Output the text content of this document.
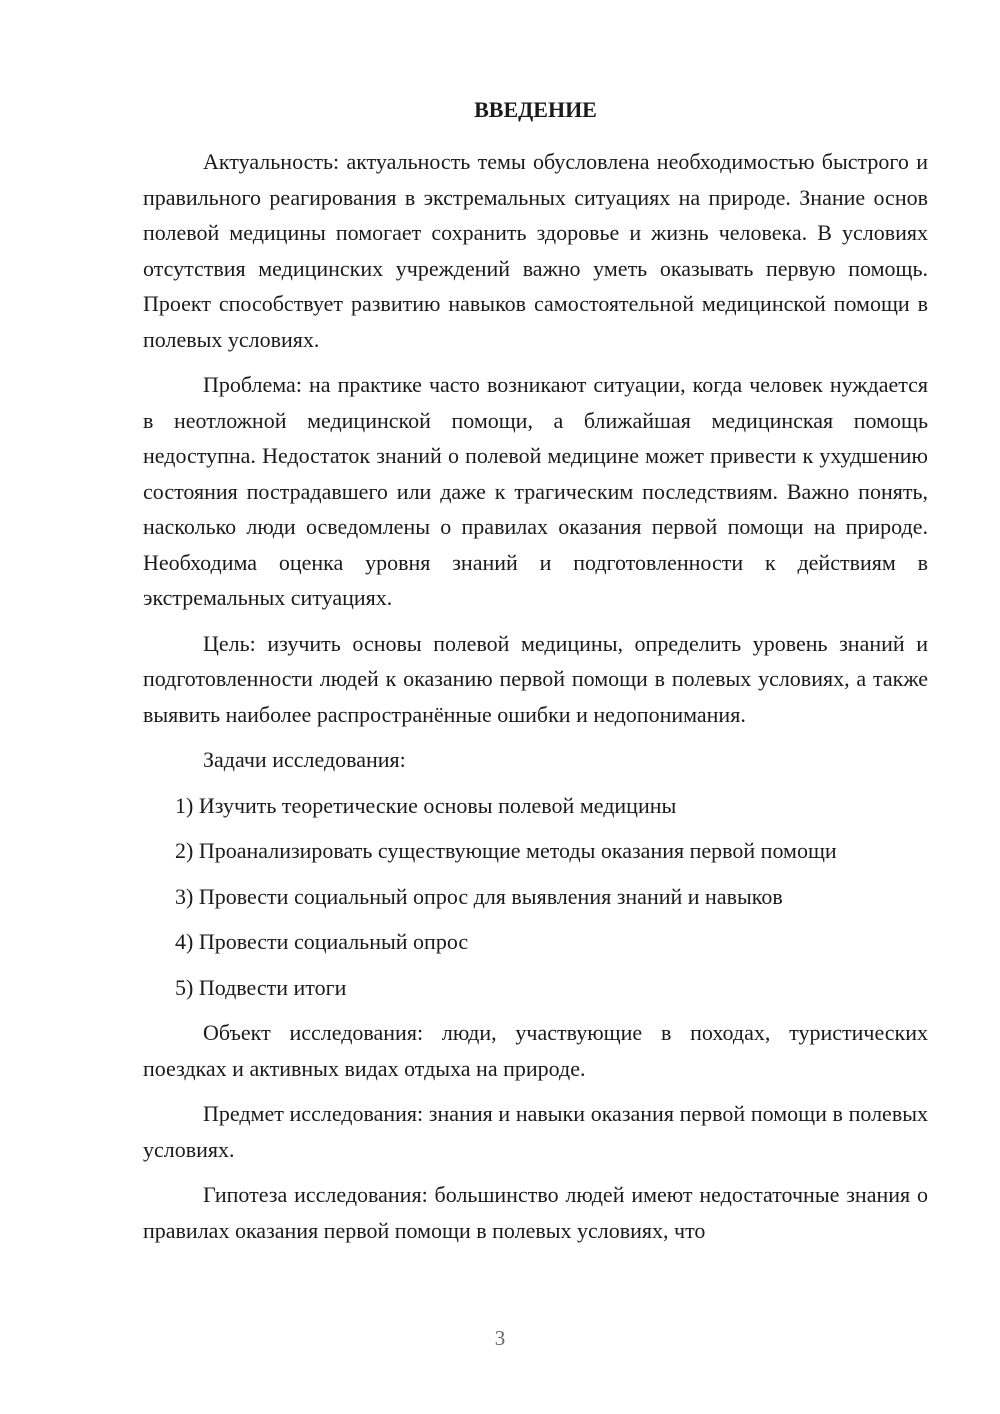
ВВЕДЕНИЕ

Актуальность: актуальность темы обусловлена необходимостью быстрого и правильного реагирования в экстремальных ситуациях на природе. Знание основ полевой медицины помогает сохранить здоровье и жизнь человека. В условиях отсутствия медицинских учреждений важно уметь оказывать первую помощь. Проект способствует развитию навыков самостоятельной медицинской помощи в полевых условиях.

Проблема: на практике часто возникают ситуации, когда человек нуждается в неотложной медицинской помощи, а ближайшая медицинская помощь недоступна. Недостаток знаний о полевой медицине может привести к ухудшению состояния пострадавшего или даже к трагическим последствиям. Важно понять, насколько люди осведомлены о правилах оказания первой помощи на природе. Необходима оценка уровня знаний и подготовленности к действиям в экстремальных ситуациях.

Цель: изучить основы полевой медицины, определить уровень знаний и подготовленности людей к оказанию первой помощи в полевых условиях, а также выявить наиболее распространённые ошибки и недопонимания.

Задачи исследования:

1) Изучить теоретические основы полевой медицины
2) Проанализировать существующие методы оказания первой помощи
3) Провести социальный опрос для выявления знаний и навыков
4) Провести социальный опрос
5) Подвести итоги

Объект исследования: люди, участвующие в походах, туристических поездках и активных видах отдыха на природе.

Предмет исследования: знания и навыки оказания первой помощи в полевых условиях.

Гипотеза исследования: большинство людей имеют недостаточные знания о правилах оказания первой помощи в полевых условиях, что

3
